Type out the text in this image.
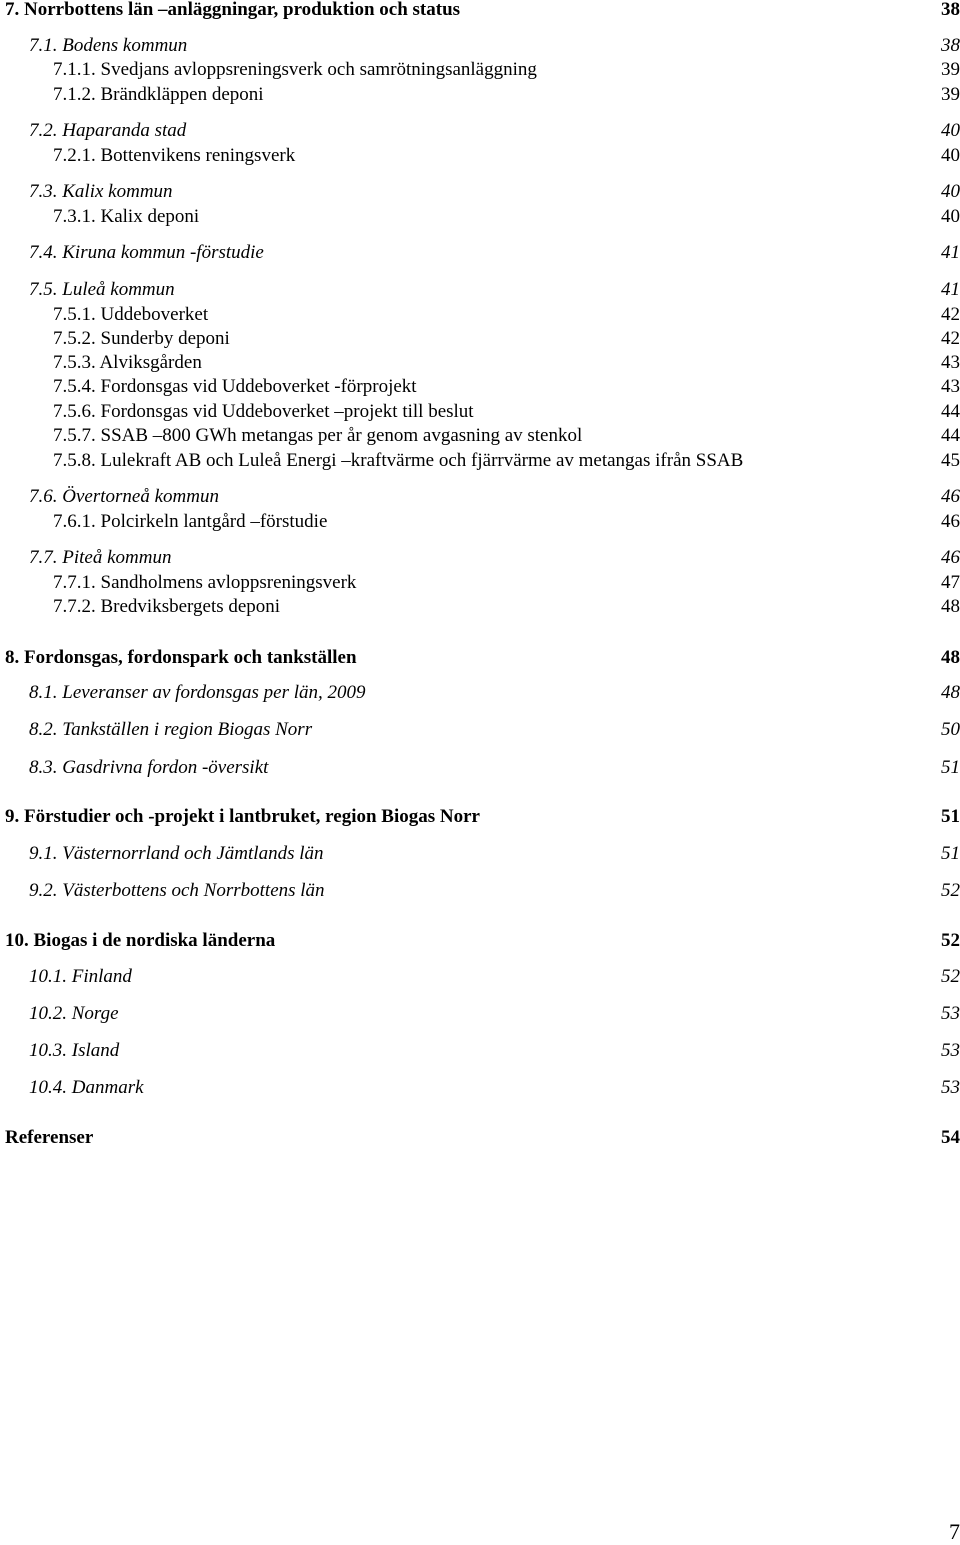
7. Norrbottens län –anläggningar, produktion och status	38
7.1. Bodens kommun	38
7.1.1. Svedjans avloppsreningsverk och samrötningsanläggning	39
7.1.2. Brändkläppen deponi	39
7.2. Haparanda stad	40
7.2.1. Bottenvikens reningsverk	40
7.3. Kalix kommun	40
7.3.1. Kalix deponi	40
7.4. Kiruna kommun -förstudie	41
7.5. Luleå kommun	41
7.5.1. Uddeboverket	42
7.5.2. Sunderby deponi	42
7.5.3. Alviksgården	43
7.5.4. Fordonsgas vid Uddeboverket -förprojekt	43
7.5.6. Fordonsgas vid Uddeboverket –projekt till beslut	44
7.5.7. SSAB –800 GWh metangas per år genom avgasning av stenkol	44
7.5.8. Lulekraft AB och Luleå Energi –kraftvärme och fjärrvärme av metangas ifrån SSAB	45
7.6. Övertorneå kommun	46
7.6.1. Polcirkeln lantgård –förstudie	46
7.7. Piteå kommun	46
7.7.1. Sandholmens avloppsreningsverk	47
7.7.2. Bredviksbergets deponi	48
8. Fordonsgas, fordonspark och tankställen	48
8.1. Leveranser av fordonsgas per län, 2009	48
8.2. Tankställen i region Biogas Norr	50
8.3. Gasdrivna fordon -översikt	51
9. Förstudier och -projekt i lantbruket, region Biogas Norr	51
9.1. Västernorrland och Jämtlands län	51
9.2. Västerbottens och Norrbottens län	52
10. Biogas i de nordiska länderna	52
10.1. Finland	52
10.2. Norge	53
10.3. Island	53
10.4. Danmark	53
Referenser	54
7
